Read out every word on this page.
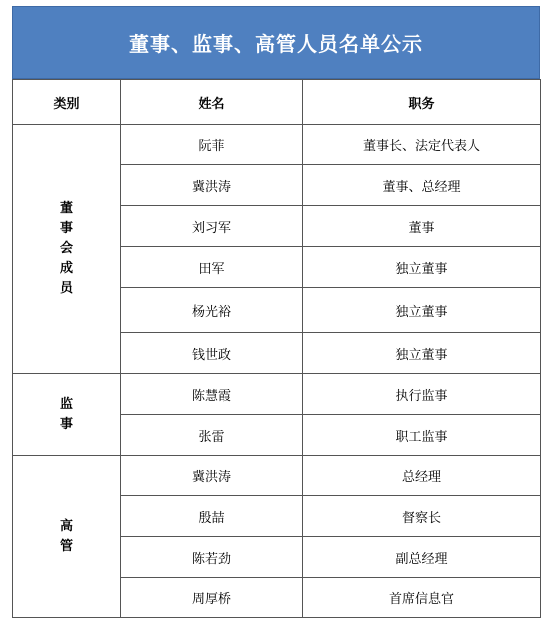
董事、监事、高管人员名单公示
类别	姓名	职务
董事会成员	阮菲	董事长、法定代表人
	冀洪涛	董事、总经理
	刘习军	董事
	田军	独立董事
	杨光裕	独立董事
	钱世政	独立董事
监事	陈慧霞	执行监事
	张雷	职工监事
高管	冀洪涛	总经理
	殷喆	督察长
	陈若劲	副总经理
	周厚桥	首席信息官
